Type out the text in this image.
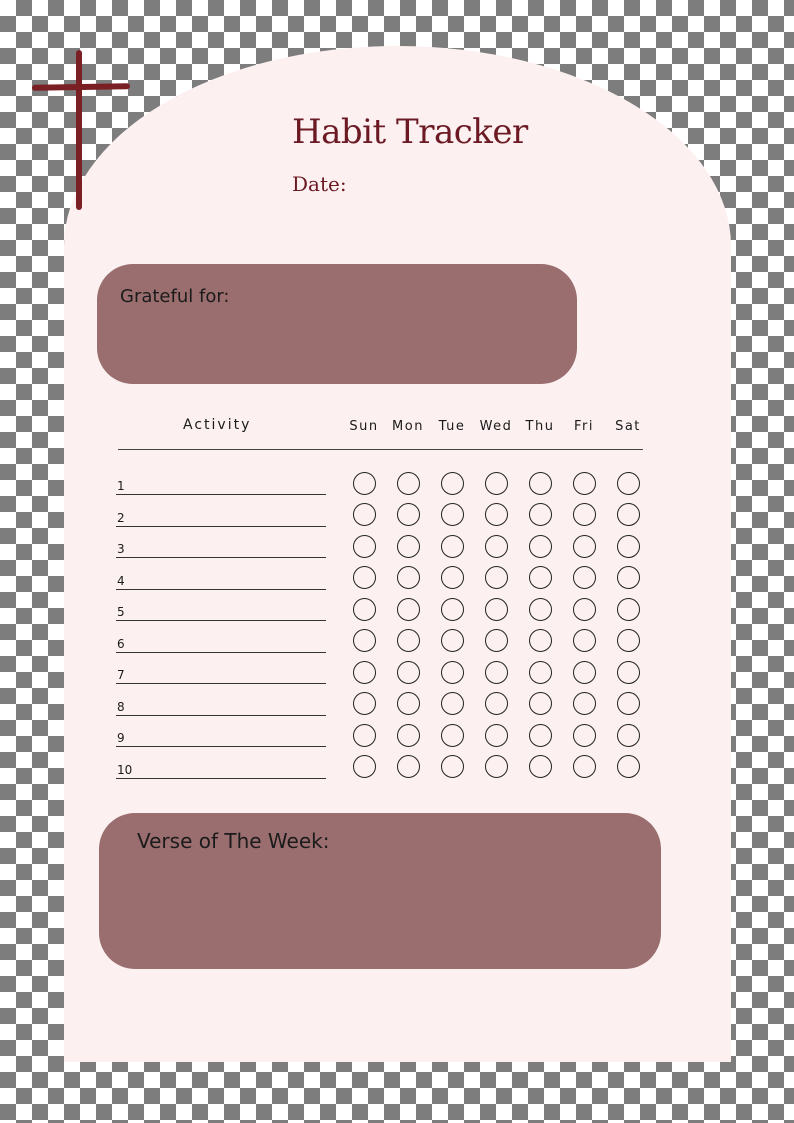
Habit Tracker
Date:
Grateful for:
Activity	Sun	Mon	Tue	Wed	Thu	Fri	Sat
1
2
3
4
5
6
7
8
9
10
Verse of The Week:
